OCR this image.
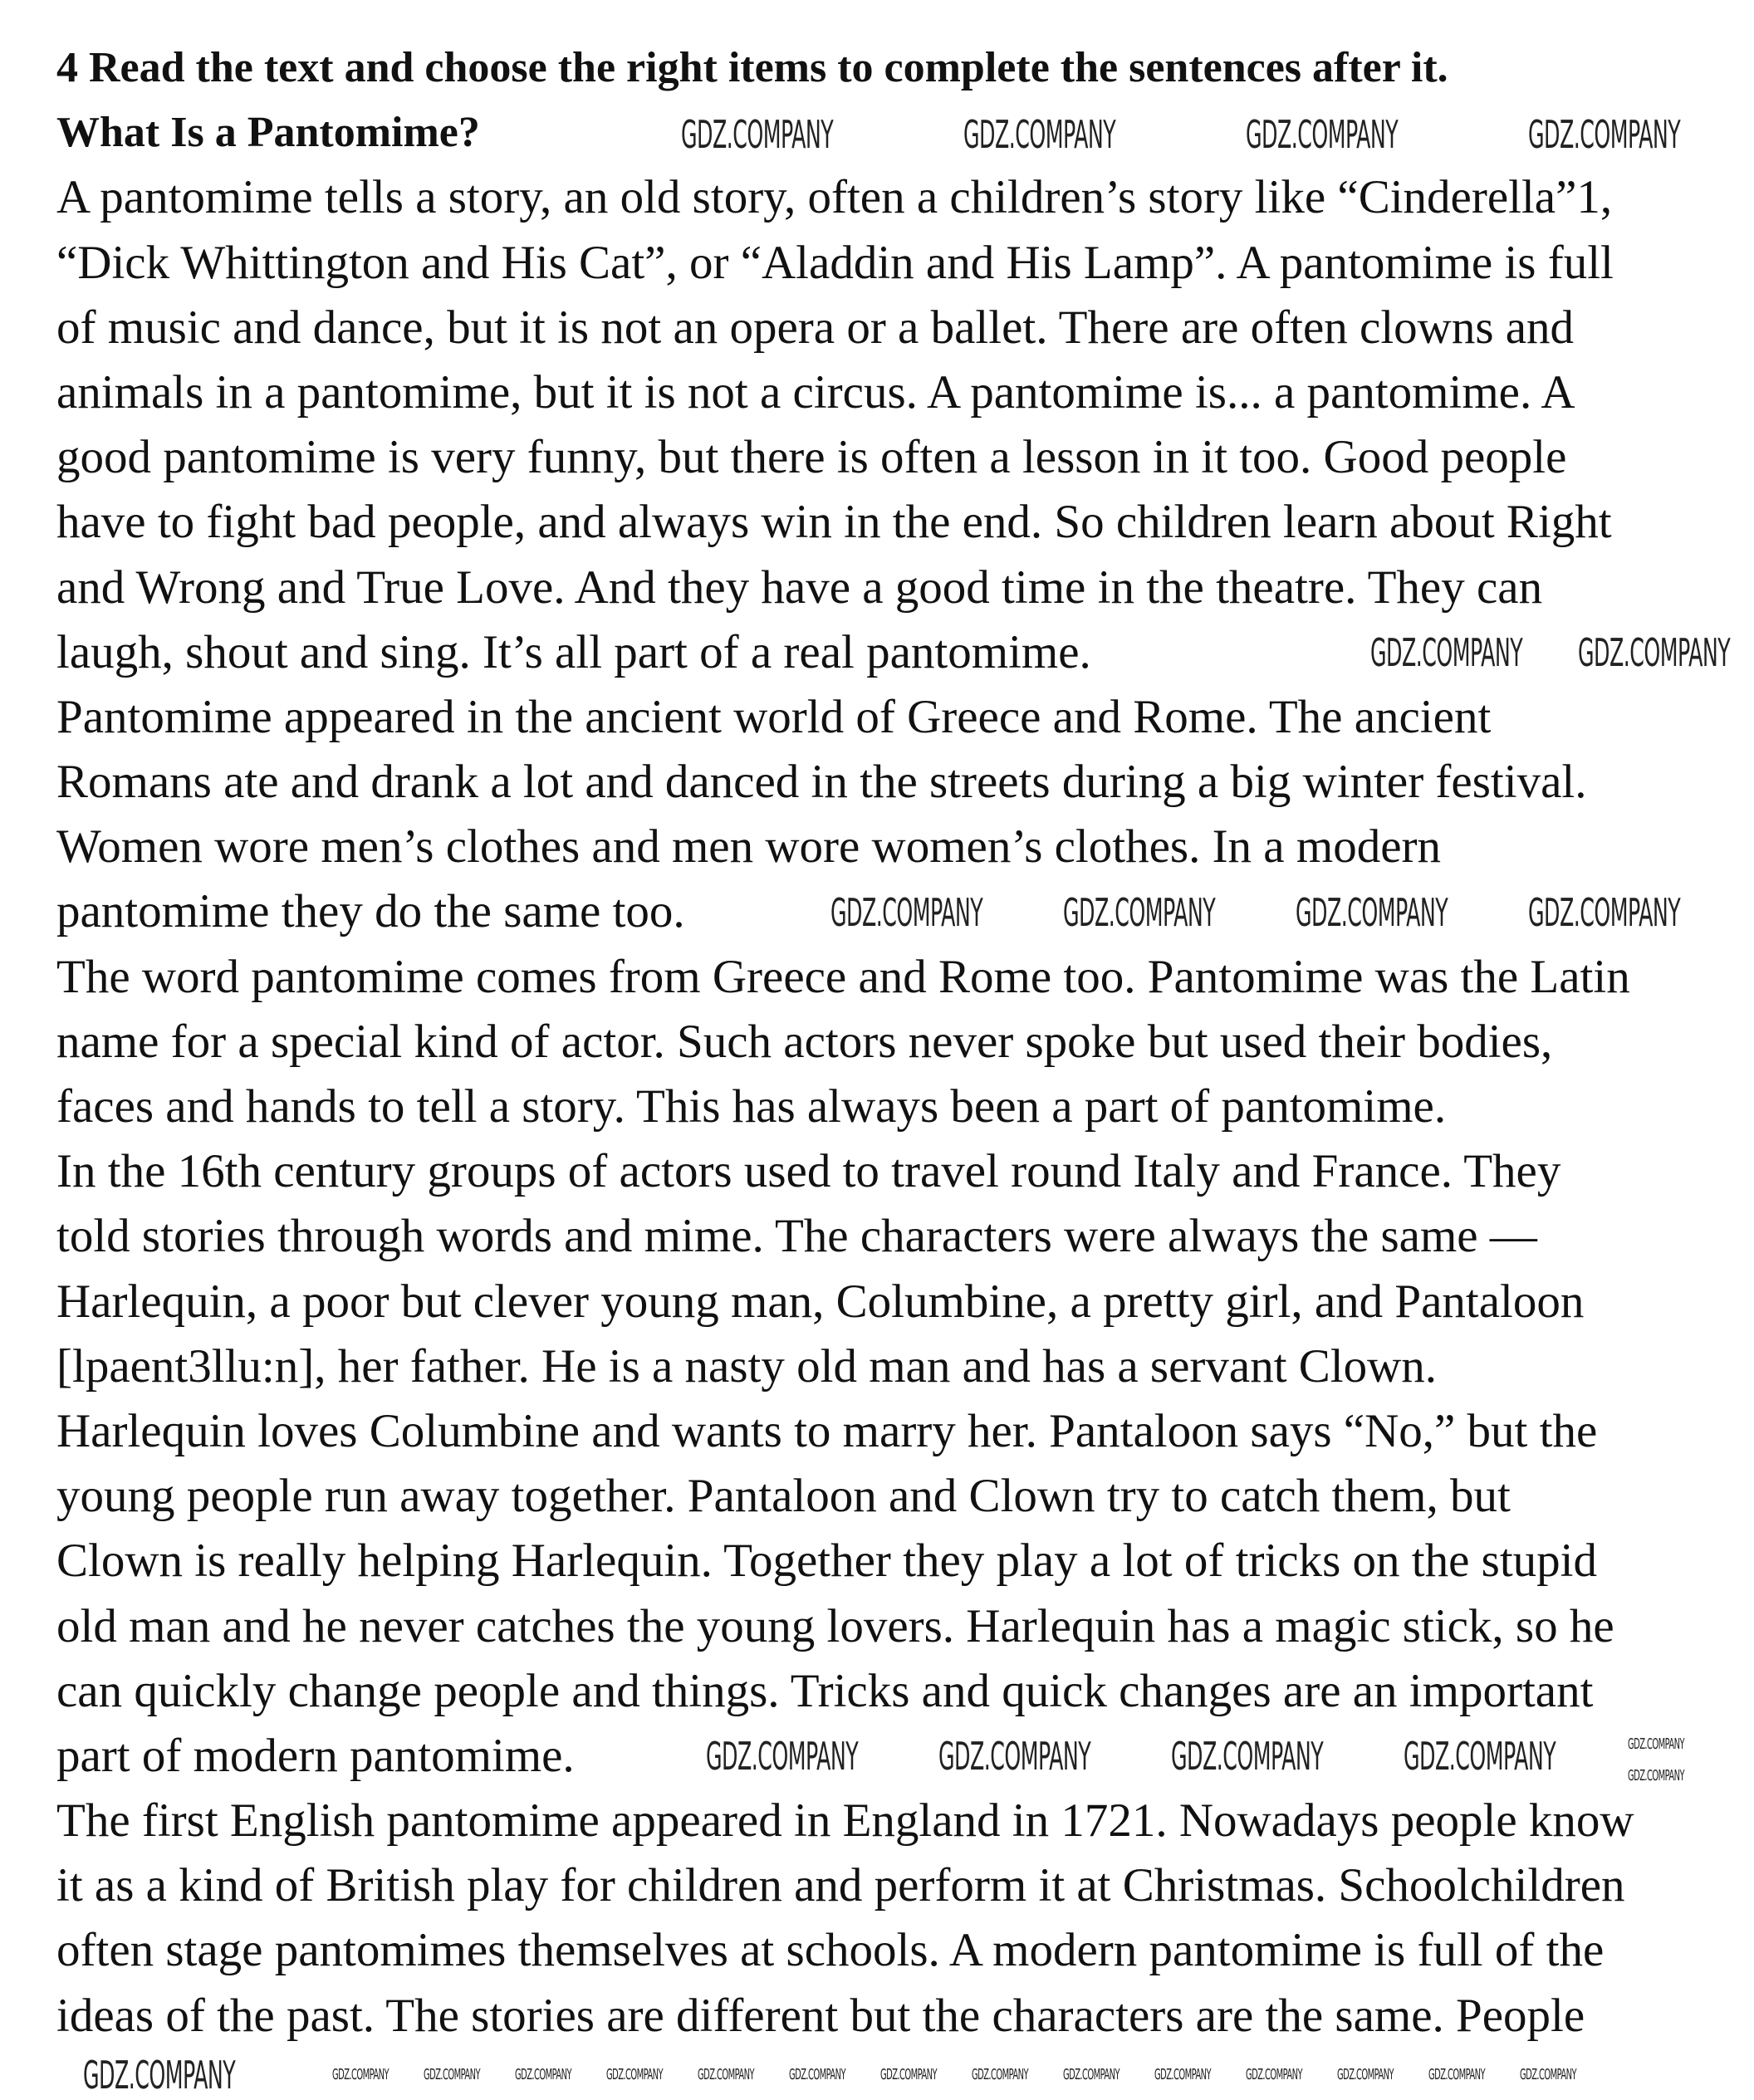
4 Read the text and choose the right items to complete the sentences after it.
What Is a Pantomime?
A pantomime tells a story, an old story, often a children’s story like “Cinderella”1,
“Dick Whittington and His Cat”, or “Aladdin and His Lamp”. A pantomime is full
of music and dance, but it is not an opera or a ballet. There are often clowns and
animals in a pantomime, but it is not a circus. A pantomime is... a pantomime. A
good pantomime is very funny, but there is often a lesson in it too. Good people
have to fight bad people, and always win in the end. So children learn about Right
and Wrong and True Love. And they have a good time in the theatre. They can
laugh, shout and sing. It’s all part of a real pantomime.
Pantomime appeared in the ancient world of Greece and Rome. The ancient
Romans ate and drank a lot and danced in the streets during a big winter festival.
Women wore men’s clothes and men wore women’s clothes. In a modern
pantomime they do the same too.
The word pantomime comes from Greece and Rome too. Pantomime was the Latin
name for a special kind of actor. Such actors never spoke but used their bodies,
faces and hands to tell a story. This has always been a part of pantomime.
In the 16th century groups of actors used to travel round Italy and France. They
told stories through words and mime. The characters were always the same —
Harlequin, a poor but clever young man, Columbine, a pretty girl, and Pantaloon
[lpaent3llu:n], her father. He is a nasty old man and has a servant Clown.
Harlequin loves Columbine and wants to marry her. Pantaloon says “No,” but the
young people run away together. Pantaloon and Clown try to catch them, but
Clown is really helping Harlequin. Together they play a lot of tricks on the stupid
old man and he never catches the young lovers. Harlequin has a magic stick, so he
can quickly change people and things. Tricks and quick changes are an important
part of modern pantomime.
The first English pantomime appeared in England in 1721. Nowadays people know
it as a kind of British play for children and perform it at Christmas. Schoolchildren
often stage pantomimes themselves at schools. A modern pantomime is full of the
ideas of the past. The stories are different but the characters are the same. People
GDZ.COMPANY	GDZ.COMPANY	GDZ.COMPANY	GDZ.COMPANY
GDZ.COMPANY GDZ.COMPANY
GDZ.COMPANY GDZ.COMPANY GDZ.COMPANY GDZ.COMPANY
GDZ.COMPANY GDZ.COMPANY GDZ.COMPANY GDZ.COMPANY
GDZ.COMPANY
GDZ.COMPANY
GDZ.COMPANY
GDZ.COMPANY GDZ.COMPANY GDZ.COMPANY GDZ.COMPANY GDZ.COMPANY GDZ.COMPANY GDZ.COMPANY GDZ.COMPANY GDZ.COMPANY GDZ.COMPANY GDZ.COMPANY GDZ.COMPANY GDZ.COMPANY GDZ.COMPANY
